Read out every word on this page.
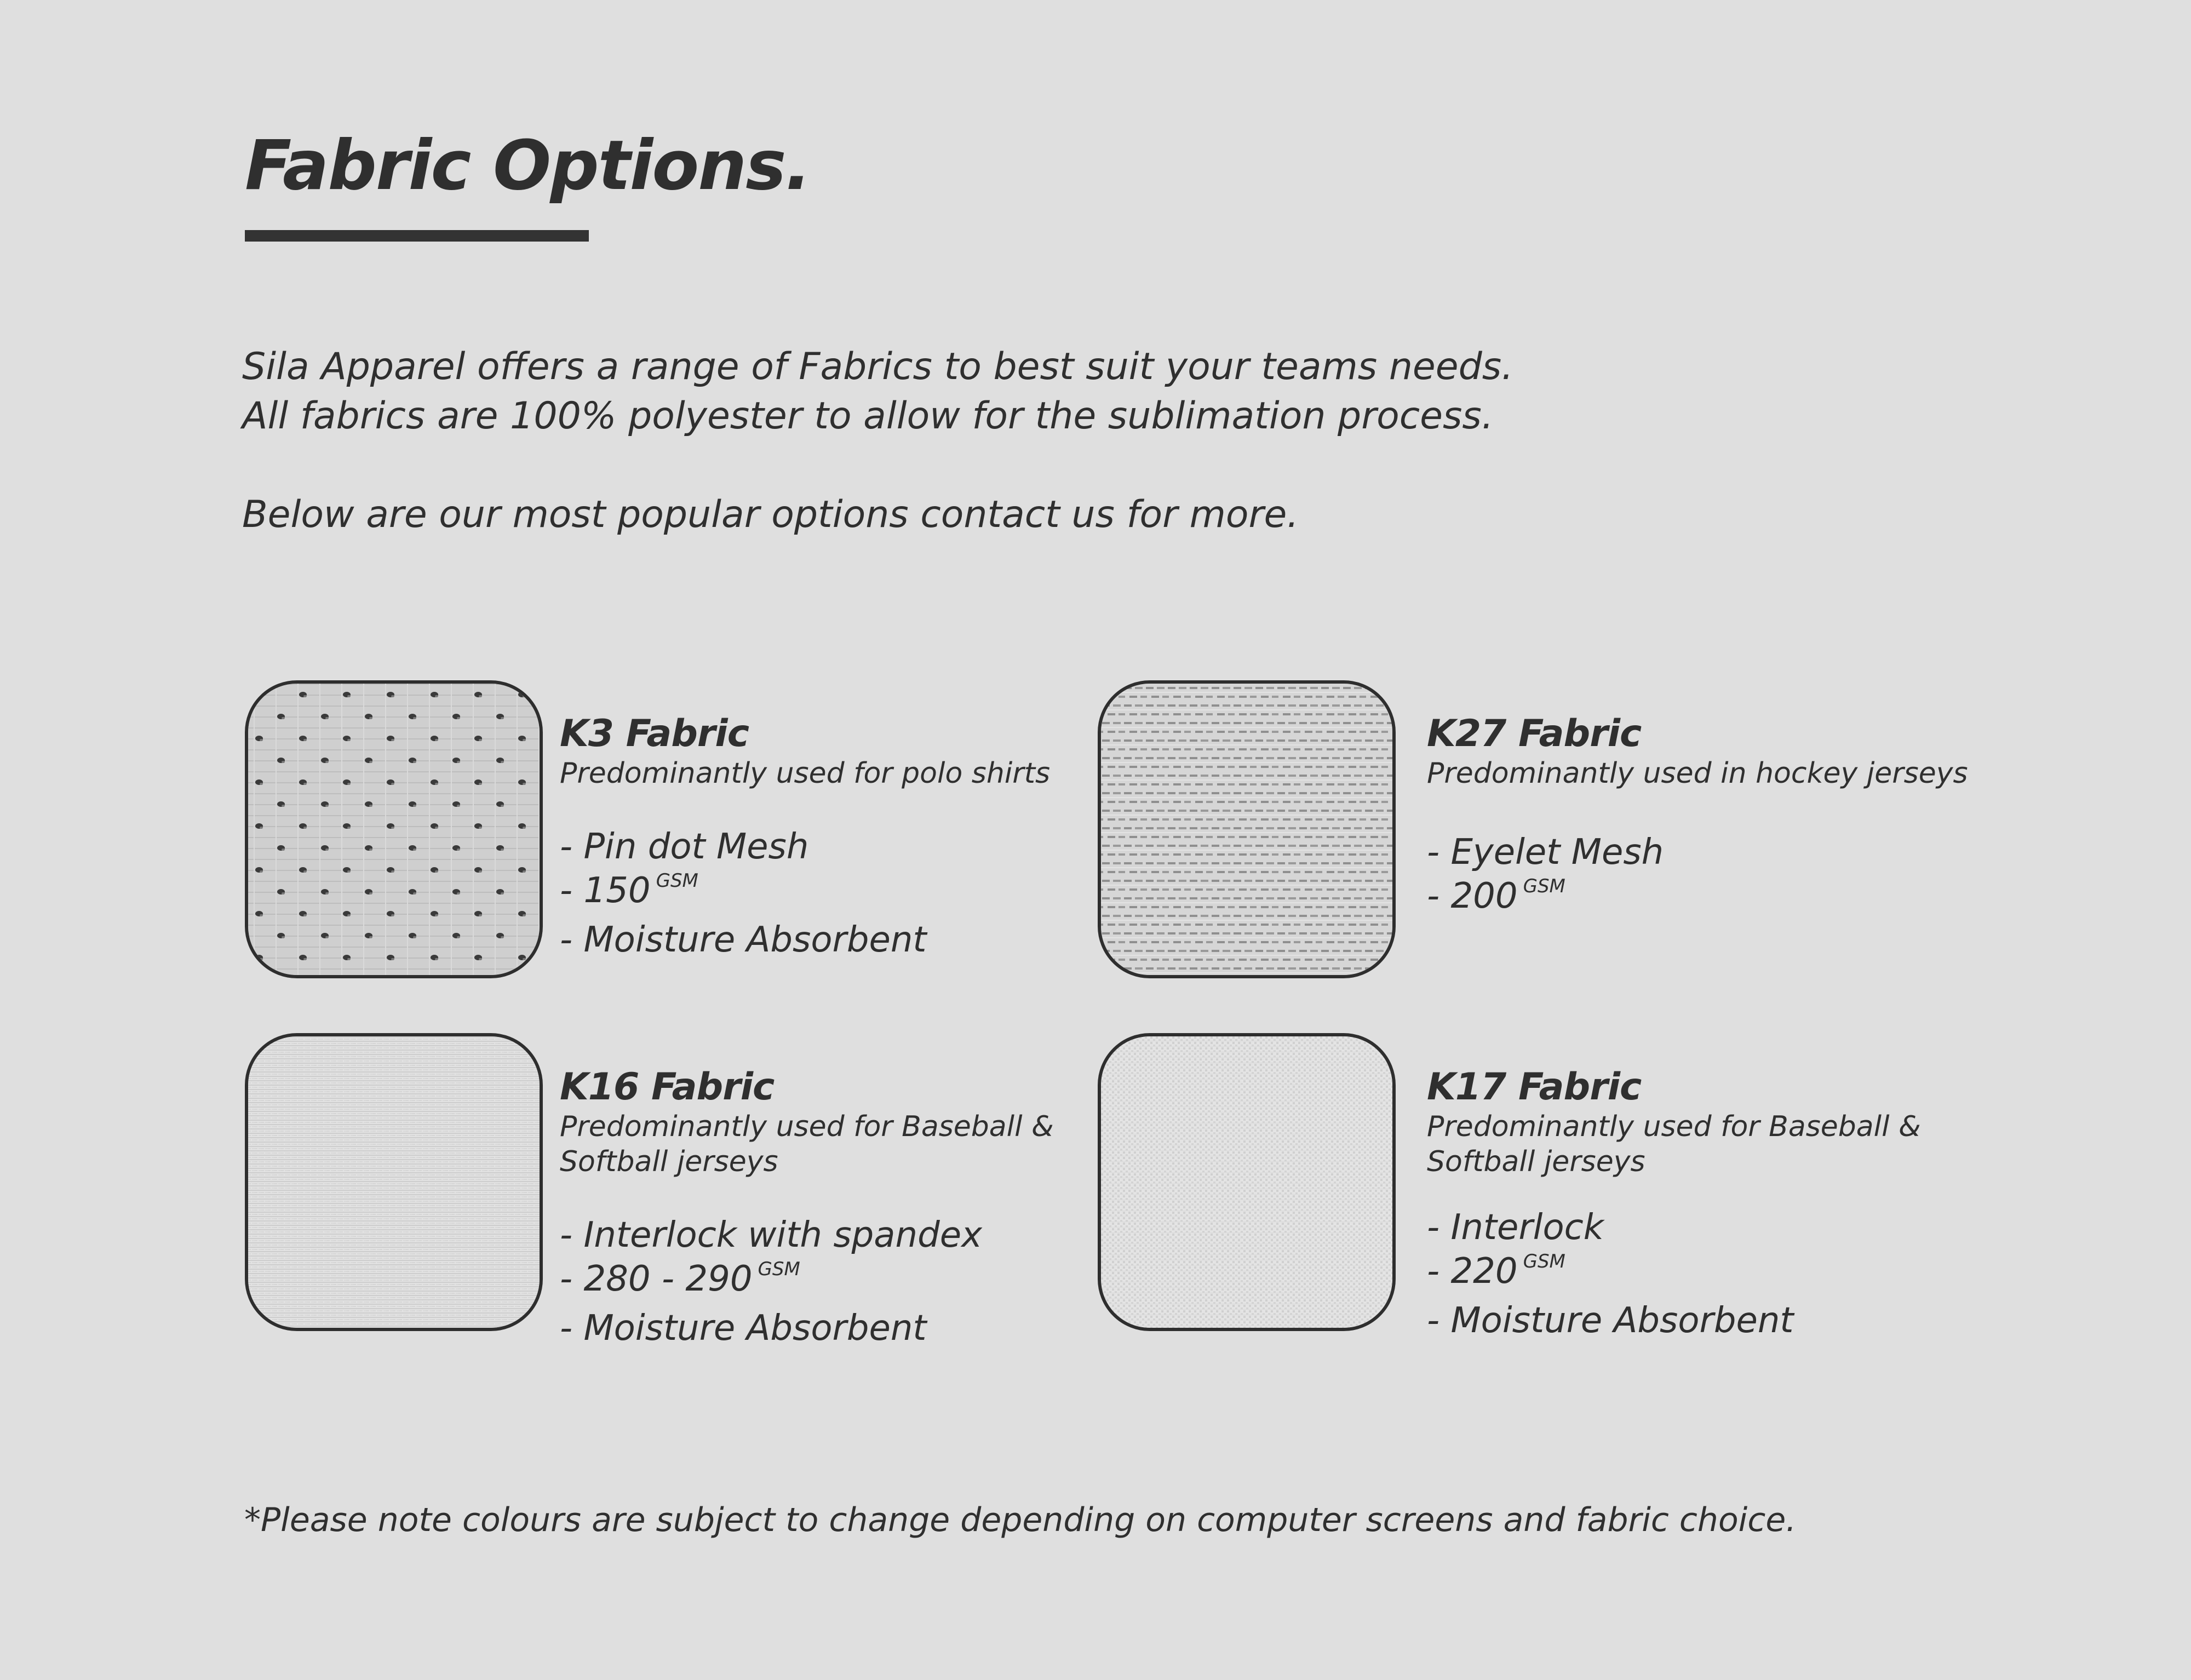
Fabric Options.

Sila Apparel offers a range of Fabrics to best suit your teams needs.

All fabrics are 100% polyester to allow for the sublimation process.

Below are our most popular options contact us for more.

K3 Fabric

Predominantly used for polo shirts

- Pin dot Mesh
- 150 $^{GSM}$
- Moisture Absorbent

K27 Fabric

Predominantly used in hockey jerseys

- Eyelet Mesh
- 200 $^{GSM}$

K16 Fabric

Predominantly used for Baseball &

Softball jerseys

- Interlock with spandex
- 280 - 290 $^{GSM}$
- Moisture Absorbent

K17 Fabric

Predominantly used for Baseball &

Softball jerseys

- Interlock
- 220 $^{GSM}$
- Moisture Absorbent

*Please note colours are subject to change depending on computer screens and fabric choice.
